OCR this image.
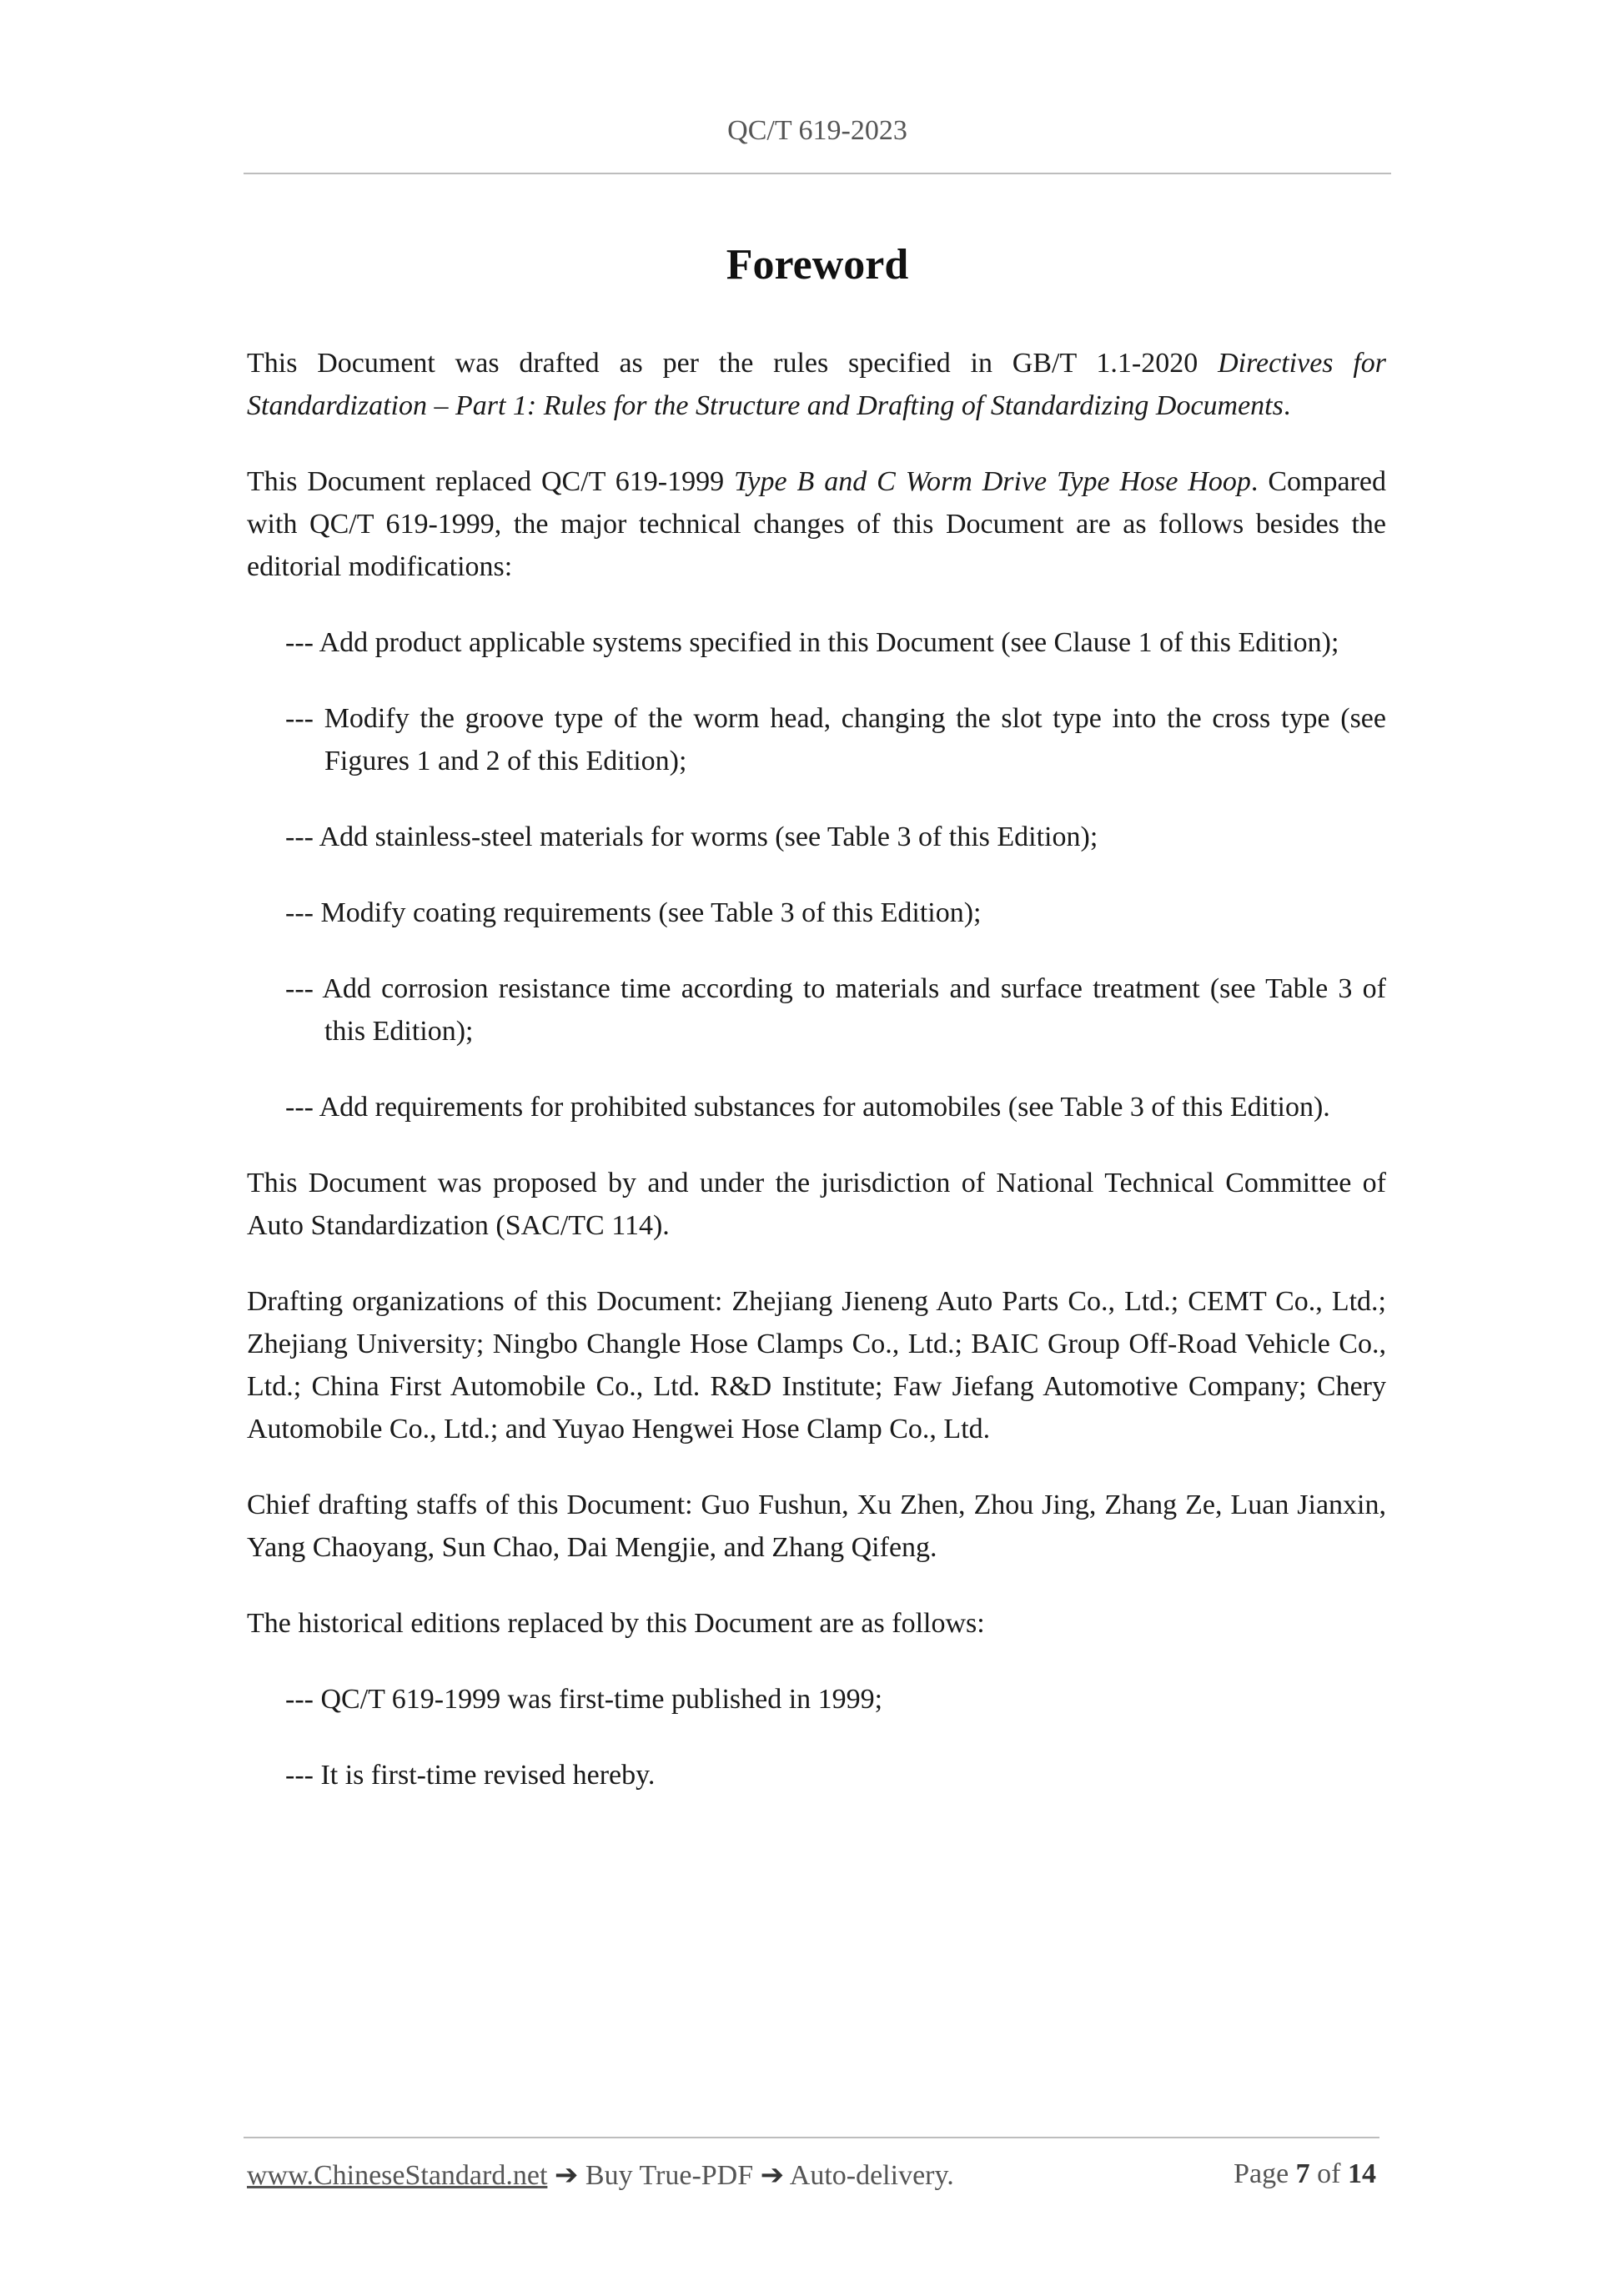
QC/T 619-2023
Foreword

This Document was drafted as per the rules specified in GB/T 1.1-2020 Directives for Standardization – Part 1: Rules for the Structure and Drafting of Standardizing Documents.

This Document replaced QC/T 619-1999 Type B and C Worm Drive Type Hose Hoop. Compared with QC/T 619-1999, the major technical changes of this Document are as follows besides the editorial modifications:

--- Add product applicable systems specified in this Document (see Clause 1 of this Edition);

--- Modify the groove type of the worm head, changing the slot type into the cross type (see Figures 1 and 2 of this Edition);

--- Add stainless-steel materials for worms (see Table 3 of this Edition);

--- Modify coating requirements (see Table 3 of this Edition);

--- Add corrosion resistance time according to materials and surface treatment (see Table 3 of this Edition);

--- Add requirements for prohibited substances for automobiles (see Table 3 of this Edition).

This Document was proposed by and under the jurisdiction of National Technical Committee of Auto Standardization (SAC/TC 114).

Drafting organizations of this Document: Zhejiang Jieneng Auto Parts Co., Ltd.; CEMT Co., Ltd.; Zhejiang University; Ningbo Changle Hose Clamps Co., Ltd.; BAIC Group Off-Road Vehicle Co., Ltd.; China First Automobile Co., Ltd. R&D Institute; Faw Jiefang Automotive Company; Chery Automobile Co., Ltd.; and Yuyao Hengwei Hose Clamp Co., Ltd.

Chief drafting staffs of this Document: Guo Fushun, Xu Zhen, Zhou Jing, Zhang Ze, Luan Jianxin, Yang Chaoyang, Sun Chao, Dai Mengjie, and Zhang Qifeng.

The historical editions replaced by this Document are as follows:

--- QC/T 619-1999 was first-time published in 1999;

--- It is first-time revised hereby.

www.ChineseStandard.net ➔ Buy True-PDF ➔ Auto-delivery.	Page 7 of 14
